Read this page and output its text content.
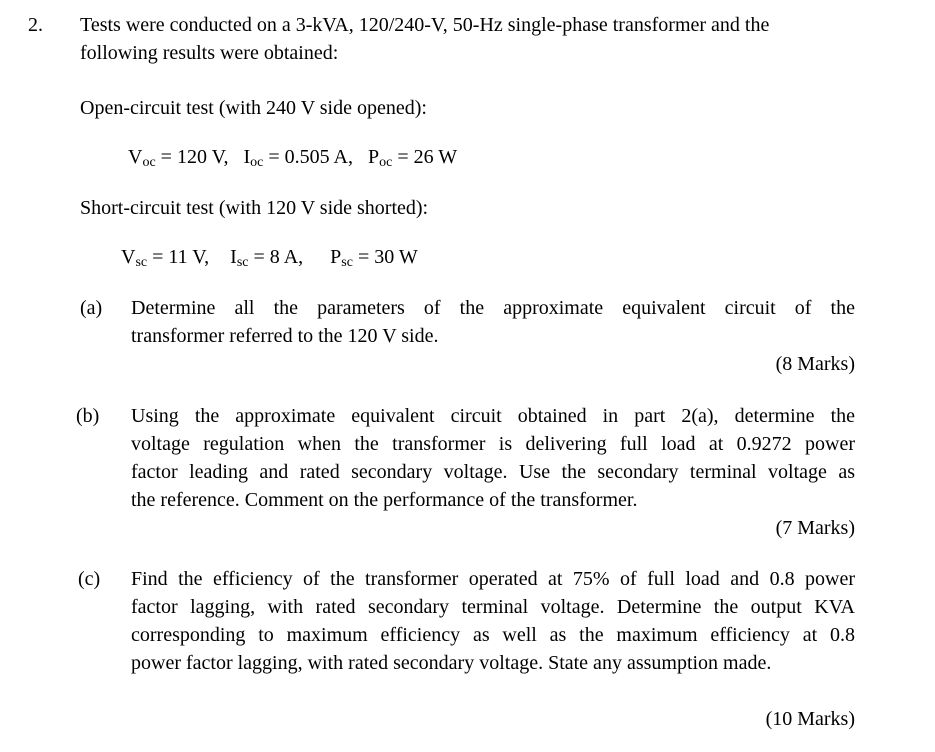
2. Tests were conducted on a 3-kVA, 120/240-V, 50-Hz single-phase transformer and the
following results were obtained:
Open-circuit test (with 240 V side opened):
$V_{oc} = 120$ V, $I_{oc} = 0.505$ A, $P_{oc} = 26$ W
Short-circuit test (with 120 V side shorted):
$V_{sc} = 11$ V, $I_{sc} = 8$ A, $P_{sc} = 30$ W
(a) Determine all the parameters of the approximate equivalent circuit of the
transformer referred to the 120 V side.
(8 Marks)
(b) Using the approximate equivalent circuit obtained in part 2(a), determine the
voltage regulation when the transformer is delivering full load at 0.9272 power
factor leading and rated secondary voltage. Use the secondary terminal voltage as
the reference. Comment on the performance of the transformer.
(7 Marks)
(c) Find the efficiency of the transformer operated at 75% of full load and 0.8 power
factor lagging, with rated secondary terminal voltage. Determine the output KVA
corresponding to maximum efficiency as well as the maximum efficiency at 0.8
power factor lagging, with rated secondary voltage. State any assumption made.
(10 Marks)
